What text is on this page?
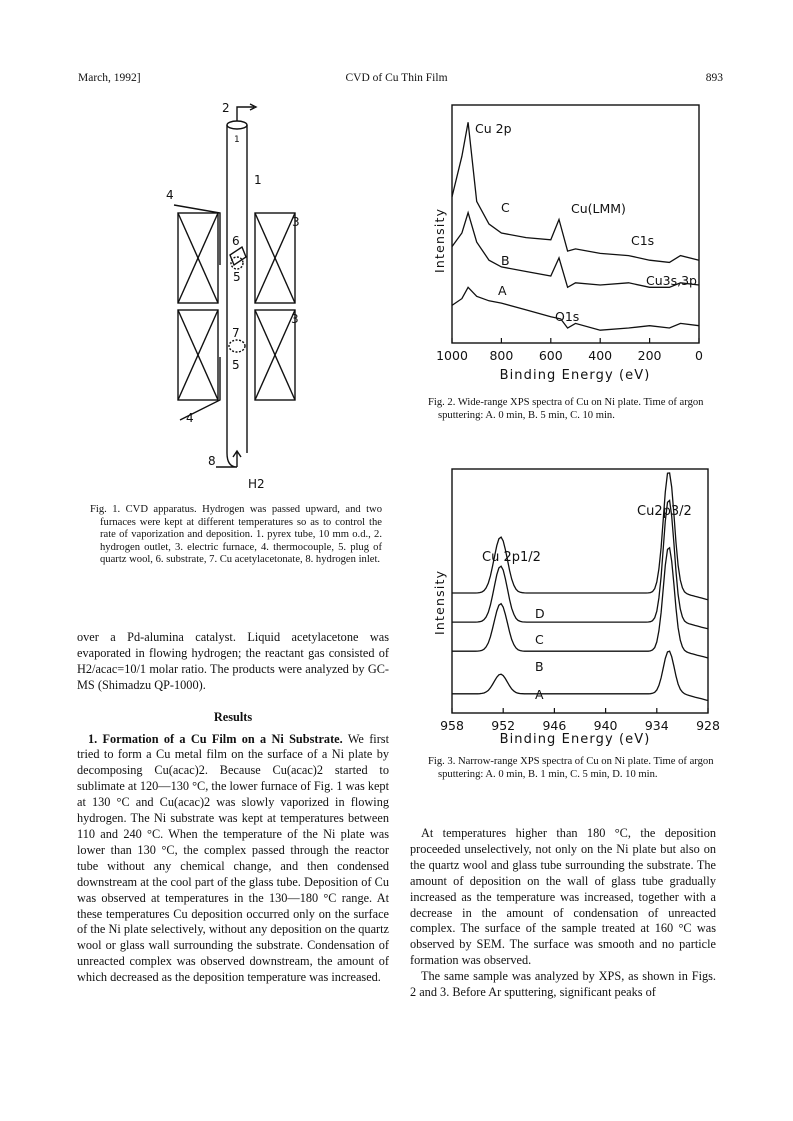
March, 1992]	CVD of Cu Thin Film	893
2
1
1
4
3
6
5
3
7
5
4
8
H2
Fig. 1. CVD apparatus. Hydrogen was passed upward, and two furnaces were kept at different temperatures so as to control the rate of vaporization and deposition. 1. pyrex tube, 10 mm o.d., 2. hydrogen outlet, 3. electric furnace, 4. thermocouple, 5. plug of quartz wool, 6. substrate, 7. Cu acetylacetonate, 8. hydrogen inlet.
1000 800 600 400 200	0
Intensity
Binding Energy (eV)
Cu 2p
Cu(LMM)
C1s
Cu3s,3p
O1s
C
B
A
Fig. 2. Wide-range XPS spectra of Cu on Ni plate. Time of argon sputtering: A. 0 min, B. 5 min, C. 10 min.
958 952 946 940 934 928
Intensity
Binding Energy (eV)
Cu2p3/2
Cu 2p1/2
D
C
B
A
Fig. 3. Narrow-range XPS spectra of Cu on Ni plate. Time of argon sputtering: A. 0 min, B. 1 min, C. 5 min, D. 10 min.

over a Pd-alumina catalyst. Liquid acetylacetone was evaporated in flowing hydrogen; the reactant gas consisted of H2/acac=10/1 molar ratio. The products were analyzed by GC-MS (Shimadzu QP-1000).

Results

1. Formation of a Cu Film on a Ni Substrate. We first tried to form a Cu metal film on the surface of a Ni plate by decomposing Cu(acac)2. Because Cu(acac)2 started to sublimate at 120—130 °C, the lower furnace of Fig. 1 was kept at 130 °C and Cu(acac)2 was slowly vaporized in flowing hydrogen. The Ni substrate was kept at temperatures between 110 and 240 °C. When the temperature of the Ni plate was lower than 130 °C, the complex passed through the reactor tube without any chemical change, and then condensed downstream at the cool part of the glass tube. Deposition of Cu was observed at temperatures in the 130—180 °C range. At these temperatures Cu deposition occurred only on the surface of the Ni plate selectively, without any deposition on the quartz wool or glass wall surrounding the substrate. Condensation of unreacted complex was observed downstream, the amount of which decreased as the deposition temperature was increased.

At temperatures higher than 180 °C, the deposition proceeded unselectively, not only on the Ni plate but also on the quartz wool and glass tube surrounding the substrate. The amount of deposition on the wall of glass tube gradually increased as the temperature was increased, together with a decrease in the amount of condensation of unreacted complex. The surface of the sample treated at 160 °C was observed by SEM. The surface was smooth and no particle formation was observed.

The same sample was analyzed by XPS, as shown in Figs. 2 and 3. Before Ar sputtering, significant peaks of
